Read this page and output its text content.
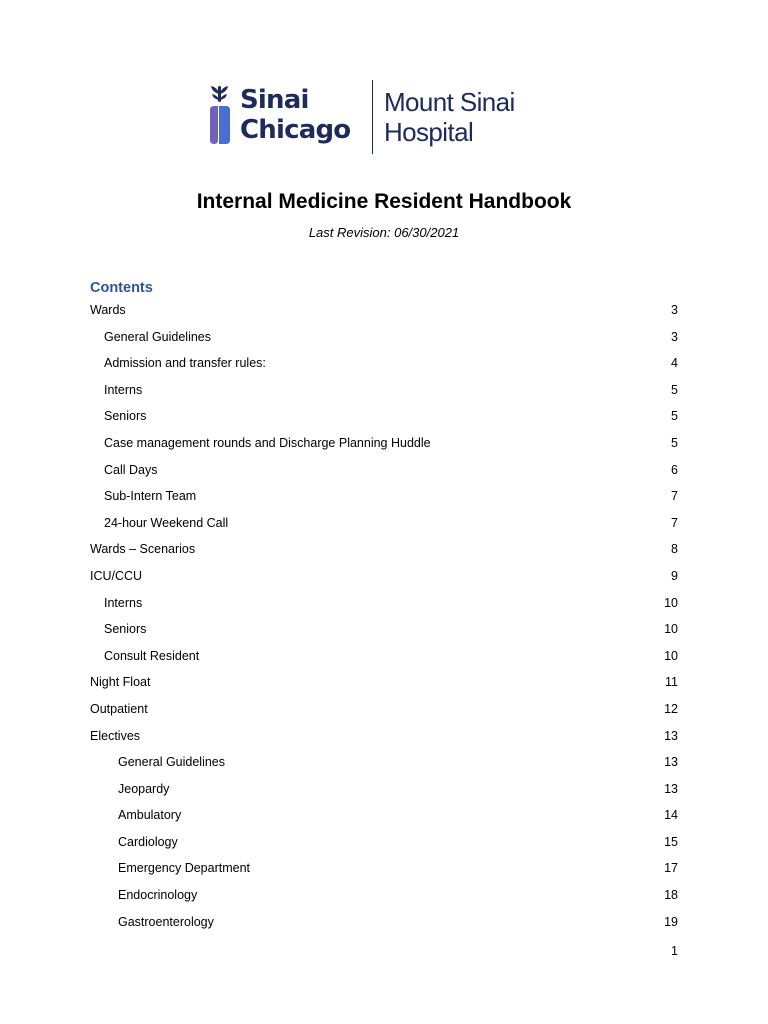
Sinai
Chicago
Mount Sinai
Hospital
Internal Medicine Resident Handbook
Last Revision: 06/30/2021
Contents
Wards	3
General Guidelines	3
Admission and transfer rules:	4
Interns	5
Seniors	5
Case management rounds and Discharge Planning Huddle	5
Call Days	6
Sub-Intern Team	7
24-hour Weekend Call	7
Wards – Scenarios	8
ICU/CCU	9
Interns	10
Seniors	10
Consult Resident	10
Night Float	11
Outpatient	12
Electives	13
General Guidelines	13
Jeopardy	13
Ambulatory	14
Cardiology	15
Emergency Department	17
Endocrinology	18
Gastroenterology	19
1
